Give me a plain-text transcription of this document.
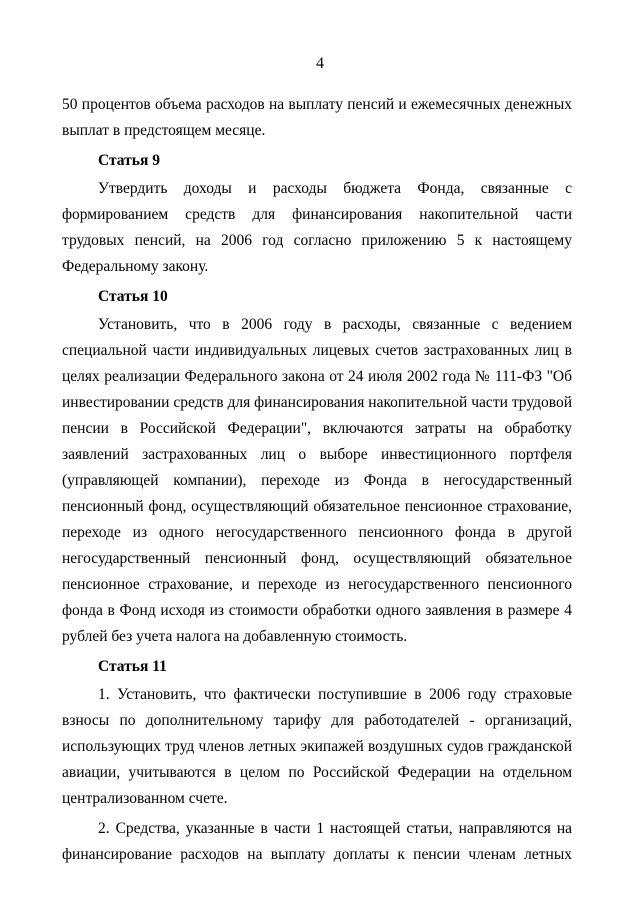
4

50 процентов объема расходов на выплату пенсий и ежемесячных денежных выплат в предстоящем месяце.

Статья 9

Утвердить доходы и расходы бюджета Фонда, связанные с формированием средств для финансирования накопительной части трудовых пенсий, на 2006 год согласно приложению 5 к настоящему Федеральному закону.

Статья 10

Установить, что в 2006 году в расходы, связанные с ведением специальной части индивидуальных лицевых счетов застрахованных лиц в целях реализации Федерального закона от 24 июля 2002 года № 111-ФЗ "Об инвестировании средств для финансирования накопительной части трудовой пенсии в Российской Федерации", включаются затраты на обработку заявлений застрахованных лиц о выборе инвестиционного портфеля (управляющей компании), переходе из Фонда в негосударственный пенсионный фонд, осуществляющий обязательное пенсионное страхование, переходе из одного негосударственного пенсионного фонда в другой негосударственный пенсионный фонд, осуществляющий обязательное пенсионное страхование, и переходе из негосударственного пенсионного фонда в Фонд исходя из стоимости обработки одного заявления в размере 4 рублей без учета налога на добавленную стоимость.

Статья 11

1. Установить, что фактически поступившие в 2006 году страховые взносы по дополнительному тарифу для работодателей - организаций, использующих труд членов летных экипажей воздушных судов гражданской авиации, учитываются в целом по Российской Федерации на отдельном централизованном счете.

2. Средства, указанные в части 1 настоящей статьи, направляются на финансирование расходов на выплату доплаты к пенсии членам летных
